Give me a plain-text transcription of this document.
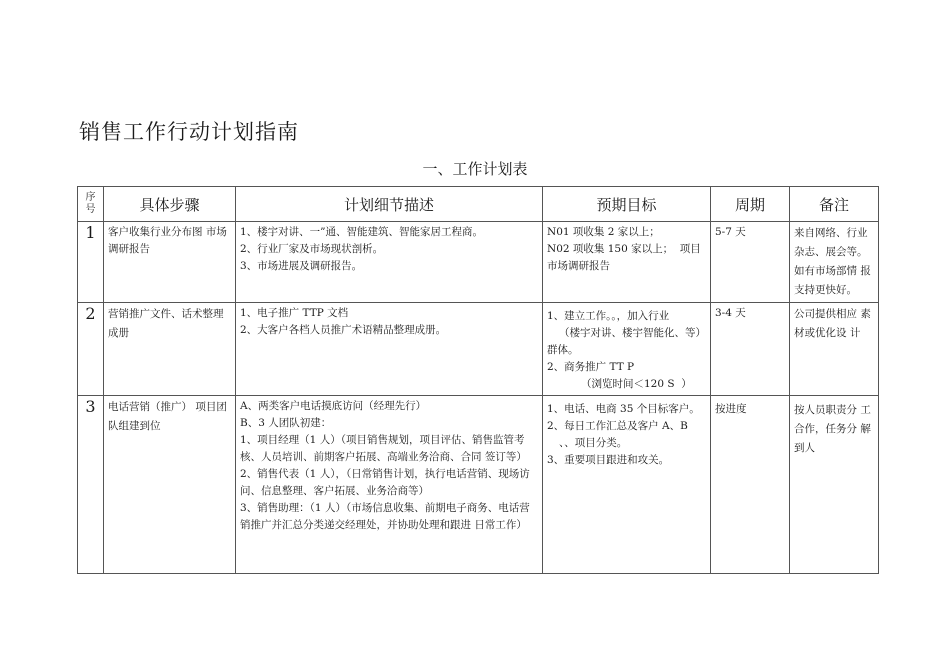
销售工作行动计划指南
一、工作计划表
序
号	具体步骤	计划细节描述	预期目标	周期	备注
1	客户收集行业分布图 市场调研报告	1、楼宇对讲、一”通、智能建筑、智能家居工程商。
2、行业厂家及市场现状剖析。
3、市场进展及调研报告。	N01 项收集 2 家以上；
N02 项收集 150 家以上；  项目市场调研报告	5-7 天	来自网络、行业杂志、展会等。如有市场部情 报支持更快好。
2	营销推广文件、话术整理成册	1、电子推广 TTP 文档
2、大客户各档人员推广术语精品整理成册。	1、建立工作。。，加入行业
（楼宇对讲、楼宇智能化、等）
群体。
2、商务推广 TT P
（浏览时间＜120 S  ）	3-4 天	公司提供相应 素材或优化设 计
3	电话营销（推广） 项目团队组建到位	A、两类客户电话摸底访问（经理先行）
B、3 人团队初建：
1、项目经理（1 人）（项目销售规划，项目评估、销售监管考核、人员培训、前期客户拓展、高端业务洽商、合同 签订等）
2、销售代表（1 人），（日常销售计划，执行电话营销、现场访问、信息整理、客户拓展、业务洽商等）
3、销售助理：（1 人）（市场信息收集、前期电子商务、电话营销推广并汇总分类递交经理处，并协助处理和跟进 日常工作）	1、电话、电商 35 个目标客户。
2、每日工作汇总及客户 A、B
、、项目分类。
3、重要项目跟进和攻关。	按进度	按人员职责分 工合作，任务分 解到人
